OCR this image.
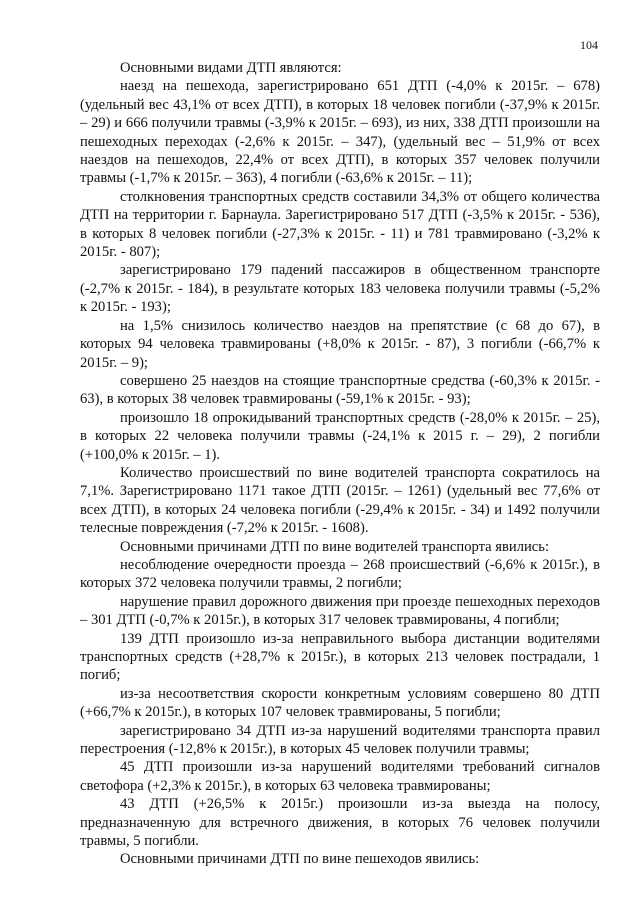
104

Основными видами ДТП являются:

наезд на пешехода, зарегистрировано 651 ДТП (-4,0% к 2015г. – 678) (удельный вес 43,1% от всех ДТП), в которых 18 человек погибли (-37,9% к 2015г. – 29) и 666 получили травмы (-3,9% к 2015г. – 693), из них, 338 ДТП произошли на пешеходных переходах (-2,6% к 2015г. – 347), (удельный вес – 51,9% от всех наездов на пешеходов, 22,4% от всех ДТП), в которых 357 человек получили травмы (-1,7% к 2015г. – 363), 4 погибли (-63,6% к 2015г. – 11);

столкновения транспортных средств составили 34,3% от общего количества ДТП на территории г. Барнаула. Зарегистрировано 517 ДТП (-3,5% к 2015г. - 536), в которых 8 человек погибли (-27,3% к 2015г. - 11) и 781 травмировано (-3,2% к 2015г. - 807);

зарегистрировано 179 падений пассажиров в общественном транспорте (-2,7% к 2015г. - 184), в результате которых 183 человека получили травмы (-5,2% к 2015г. - 193);

на 1,5% снизилось количество наездов на препятствие (с 68 до 67), в которых 94 человека травмированы (+8,0% к 2015г. - 87), 3 погибли (-66,7% к 2015г. – 9);

совершено 25 наездов на стоящие транспортные средства (-60,3% к 2015г. - 63), в которых 38 человек травмированы (-59,1% к 2015г. - 93);

произошло 18 опрокидываний транспортных средств (-28,0% к 2015г. – 25), в которых 22 человека получили травмы (-24,1% к 2015 г. – 29), 2 погибли (+100,0% к 2015г. – 1).

Количество происшествий по вине водителей транспорта сократилось на 7,1%. Зарегистрировано 1171 такое ДТП (2015г. – 1261) (удельный вес 77,6% от всех ДТП), в которых 24 человека погибли (-29,4% к 2015г. - 34) и 1492 получили телесные повреждения (-7,2% к 2015г. - 1608).

Основными причинами ДТП по вине водителей транспорта явились:

несоблюдение очередности проезда – 268 происшествий (-6,6% к 2015г.), в которых 372 человека получили травмы, 2 погибли;

нарушение правил дорожного движения при проезде пешеходных переходов – 301 ДТП (-0,7% к 2015г.), в которых 317 человек травмированы, 4 погибли;

139 ДТП произошло из-за неправильного выбора дистанции водителями транспортных средств (+28,7% к 2015г.), в которых 213 человек пострадали, 1 погиб;

из-за несоответствия скорости конкретным условиям совершено 80 ДТП (+66,7% к 2015г.), в которых 107 человек травмированы, 5 погибли;

зарегистрировано 34 ДТП из-за нарушений водителями транспорта правил перестроения (-12,8% к 2015г.), в которых 45 человек получили травмы;

45 ДТП произошли из-за нарушений водителями требований сигналов светофора (+2,3% к 2015г.), в которых 63 человека травмированы;

43 ДТП (+26,5% к 2015г.) произошли из-за выезда на полосу, предназначенную для встречного движения, в которых 76 человек получили травмы, 5 погибли.

Основными причинами ДТП по вине пешеходов явились:
